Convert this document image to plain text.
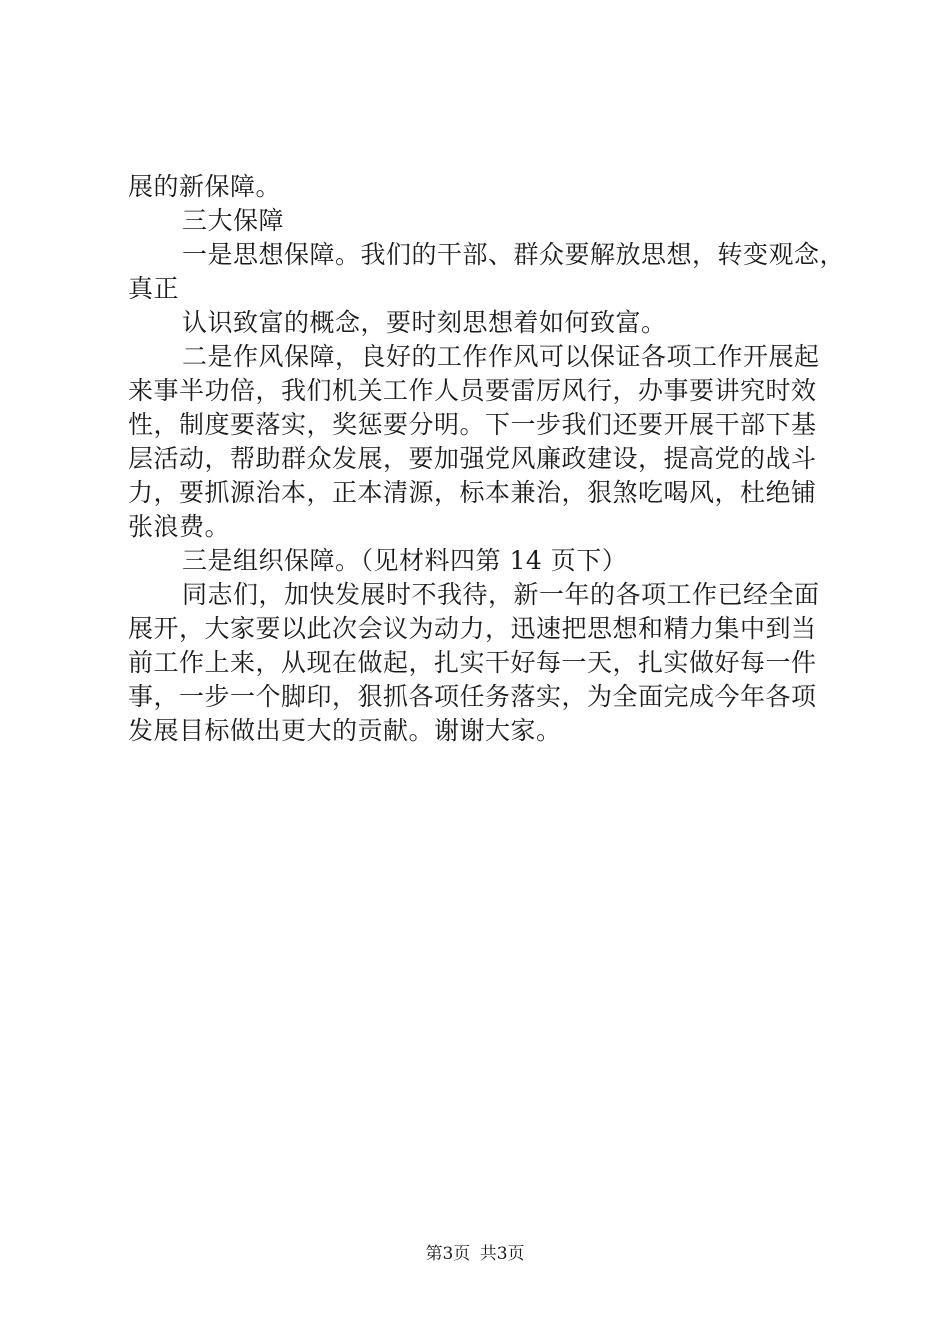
展的新保障。
三大保障
一是思想保障。我们的干部、群众要解放思想，转变观念，
真正
认识致富的概念，要时刻思想着如何致富。
二是作风保障，良好的工作作风可以保证各项工作开展起
来事半功倍，我们机关工作人员要雷厉风行，办事要讲究时效
性，制度要落实，奖惩要分明。下一步我们还要开展干部下基
层活动，帮助群众发展，要加强党风廉政建设，提高党的战斗
力，要抓源治本，正本清源，标本兼治，狠煞吃喝风，杜绝铺
张浪费。
三是组织保障。（见材料四第 14 页下）
同志们，加快发展时不我待，新一年的各项工作已经全面
展开，大家要以此次会议为动力，迅速把思想和精力集中到当
前工作上来，从现在做起，扎实干好每一天，扎实做好每一件
事，一步一个脚印，狠抓各项任务落实，为全面完成今年各项
发展目标做出更大的贡献。谢谢大家。
第3页 共3页
